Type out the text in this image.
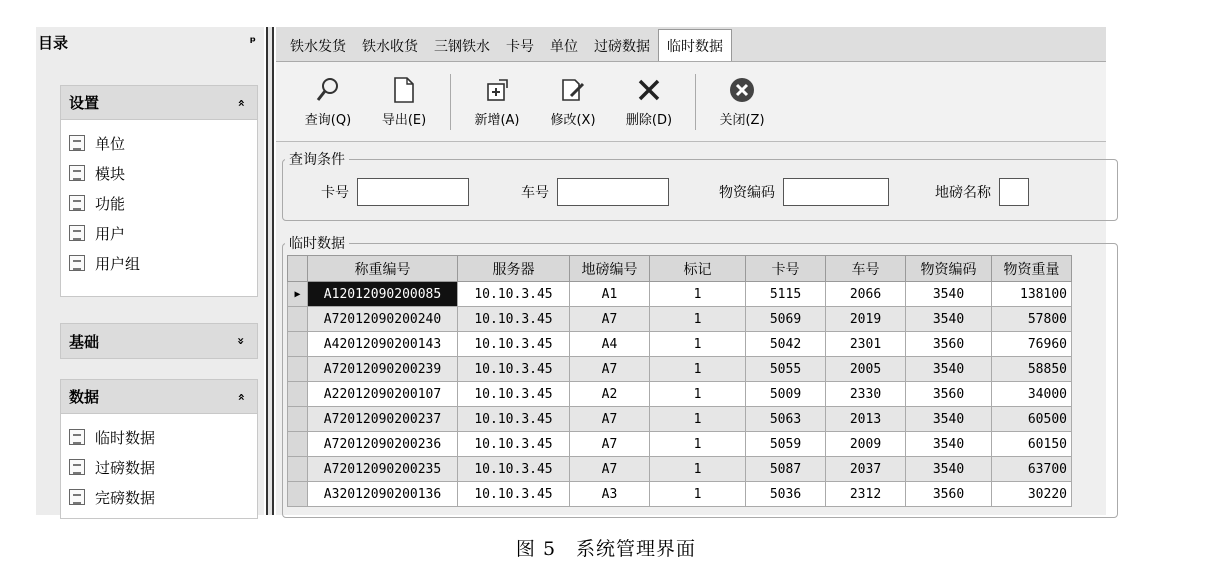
目录	ᵖ
设置	»
单位
模块
功能
用户
用户组
基础	»
数据	»
临时数据
过磅数据
完磅数据
铁水发货	铁水收货	三钢铁水	卡号	单位	过磅数据	临时数据
查询(Q) 导出(E)	新增(A) 修改(X) 删除(D)	关闭(Z)
查询条件
卡号	车号	物资编码	地磅名称
临时数据
	称重编号	服务器	地磅编号	标记	卡号	车号	物资编码	物资重量
▶	A12012090200085	10.10.3.45	A1	1	5115	2066	3540	138100
	A72012090200240	10.10.3.45	A7	1	5069	2019	3540	57800
	A42012090200143	10.10.3.45	A4	1	5042	2301	3560	76960
	A72012090200239	10.10.3.45	A7	1	5055	2005	3540	58850
	A22012090200107	10.10.3.45	A2	1	5009	2330	3560	34000
	A72012090200237	10.10.3.45	A7	1	5063	2013	3540	60500
	A72012090200236	10.10.3.45	A7	1	5059	2009	3540	60150
	A72012090200235	10.10.3.45	A7	1	5087	2037	3540	63700
	A32012090200136	10.10.3.45	A3	1	5036	2312	3560	30220
图 5　系统管理界面
